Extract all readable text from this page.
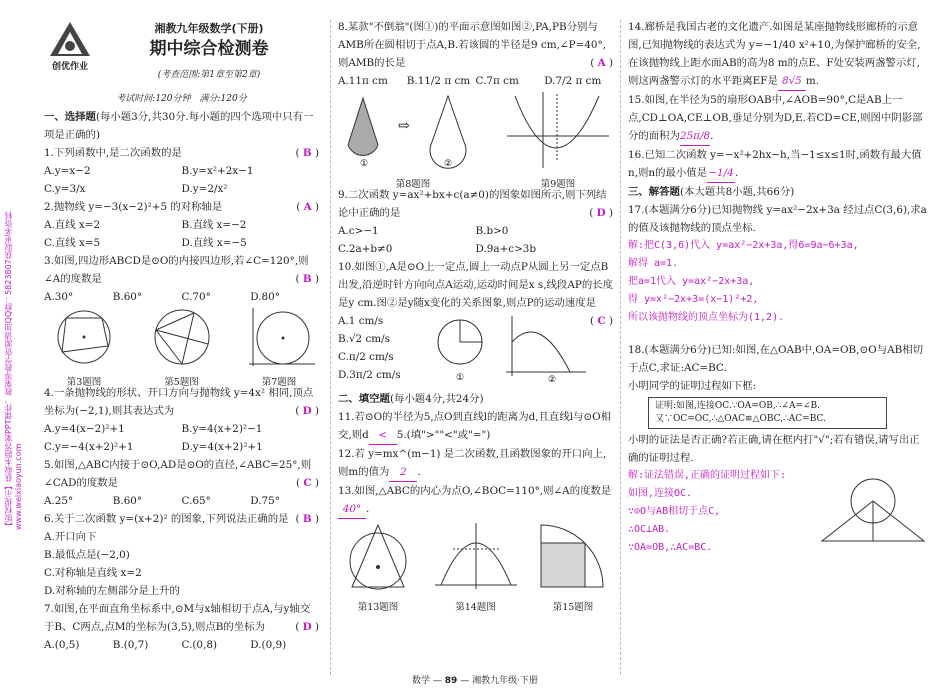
【版权提示】获取本题答案PPT课件、教案等教学资源请加QQ群：5823807获取更多资料 www.weixiaoyun.com
创优作业
湘教九年级数学(下册)
期中综合检测卷
(考查范围:第1章至第2章)
考试时间:120分钟　满分:120分
一、选择题(每小题3分,共30分.每小题的四个选项中只有一项是正确的)
1.下列函数中,是二次函数的是	( B )
A.y=x−2	B.y=x²+2x−1
C.y=3/x	D.y=2/x²
2.抛物线 y=−3(x−2)²+5 的对称轴是	( A )
A.直线 x=2	B.直线 x=−2
C.直线 x=5	D.直线 x=−5
3.如图,四边形ABCD是⊙O的内接四边形,若∠C=120°,则∠A的度数是	( B )
A.30°	B.60°	C.70°	D.80°
第3题图	第5题图	第7题图
4.一条抛物线的形状、开口方向与抛物线 y=4x² 相同,顶点坐标为(−2,1),则其表达式为	( D )
A.y=4(x−2)²+1	B.y=4(x+2)²−1
C.y=−4(x+2)²+1	D.y=4(x+2)²+1
5.如图,△ABC内接于⊙O,AD是⊙O的直径,∠ABC=25°,则∠CAD的度数是	( C )
A.25°	B.60°	C.65°	D.75°
6.关于二次函数 y=(x+2)² 的图象,下列说法正确的是 ( B )
A.开口向下
B.最低点是(−2,0)
C.对称轴是直线 x=2
D.对称轴的左侧部分是上升的
7.如图,在平面直角坐标系中,⊙M与x轴相切于点A,与y轴交于B、C两点,点M的坐标为(3,5),则点B的坐标为	( D )
A.(0,5)	B.(0,7)	C.(0,8)	D.(0,9)
8.某款"不倒翁"(图①)的平面示意图如图②,PA,PB分别与AMB所在圆相切于点A,B.若该圆的半径是9 cm,∠P=40°,则AMB的长是	( A )
A.11π cm	B.11/2 π cm C.7π cm	D.7/2 π cm
⇨
①	②
第8题图	第9题图
9.二次函数 y=ax²+bx+c(a≠0)的图象如图所示,则下列结论中正确的是	( D )
A.c>−1	B.b>0
C.2a+b≠0	D.9a+c>3b
10.如图①,A是⊙O上一定点,圆上一动点P从圆上另一定点B出发,沿逆时针方向向点A运动,运动时间是x s,线段AP的长度是y cm.图②是y随x变化的关系图象,则点P的运动速度是
( C )
A.1 cm/s
B.√2 cm/s
C.π/2 cm/s
D.3π/2 cm/s	①	②
二、填空题(每小题4分,共24分)
11.若⊙O的半径为5,点O到直线l的距离为d,且直线l与⊙O相交,则d < 5.(填">""<"或"=")
12.若 y=mx^(m−1) 是二次函数,且函数图象的开口向上,则m的值为 2 .
13.如图,△ABC的内心为点O,∠BOC=110°,则∠A的度数是40° .
第13题图	第14题图	第15题图
14.廊桥是我国古老的文化遗产.如图是某座抛物线形廊桥的示意图,已知抛物线的表达式为 y=−1/40 x²+10,为保护廊桥的安全,在该抛物线上距水面AB的高为8 m的点E、F处安装两盏警示灯,则这两盏警示灯的水平距离EF是 8√5 m.
15.如图,在半径为5的扇形OAB中,∠AOB=90°,C是AB上一点,CD⊥OA,CE⊥OB,垂足分别为D,E.若CD=CE,则图中阴影部分的面积为25π/8.
16.已知二次函数 y=−x²+2hx−h,当−1≤x≤1时,函数有最大值n,则n的最小值是−1/4.
三、解答题(本大题共8小题,共66分)
17.(本题满分6分)已知抛物线 y=ax²−2x+3a 经过点C(3,6),求a的值及该抛物线的顶点坐标.
解:把C(3,6)代入 y=ax²−2x+3a,得6=9a−6+3a,
解得 a=1.
把a=1代入 y=ax²−2x+3a,
得 y=x²−2x+3=(x−1)²+2,
所以该抛物线的顶点坐标为(1,2).
18.(本题满分6分)已知:如图,在△OAB中,OA=OB,⊙O与AB相切于点C,求证:AC=BC.
小明同学的证明过程如下框:
证明:如图,连接OC.∵OA=OB,∴∠A=∠B.
又∵OC=OC,∴△OAC≌△OBC,∴AC=BC.
小明的证法是否正确?若正确,请在框内打"√";若有错误,请写出正确的证明过程.
解:证法错误,正确的证明过程如下:
如图,连接OC.
∵⊙O与AB相切于点C,
∴OC⊥AB.
∵OA=OB,∴AC=BC.
数学 — 89 — 湘教九年级·下册
